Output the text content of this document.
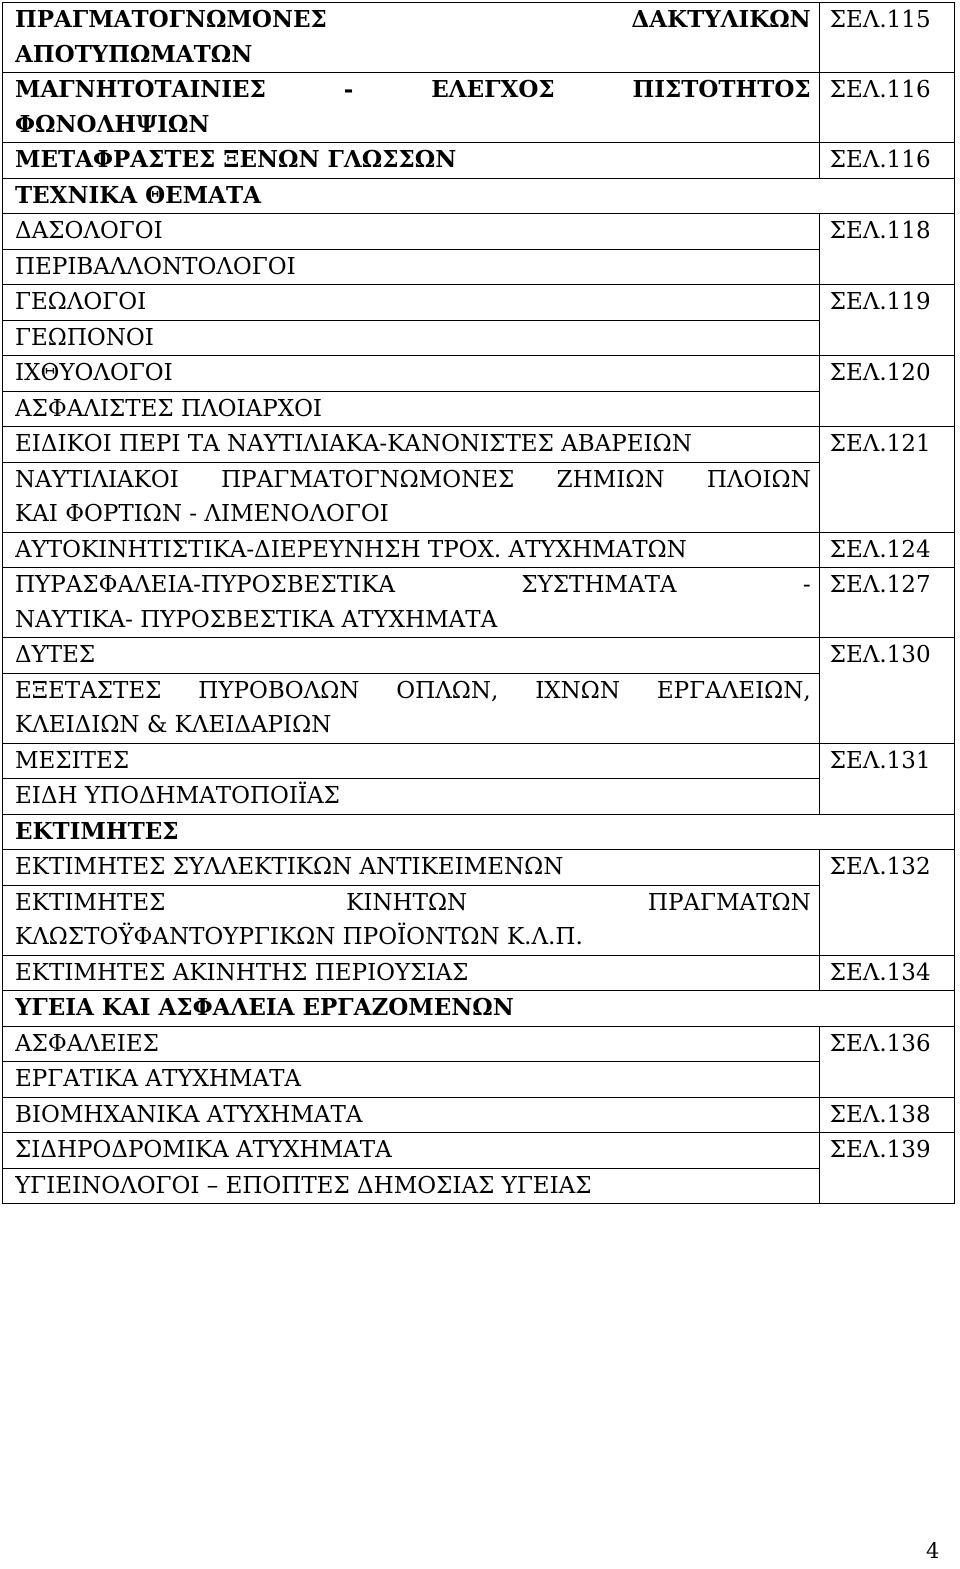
ΠΡΑΓΜΑΤΟΓΝΩΜΟΝΕΣ ΔΑΚΤΥΛΙΚΩΝ
ΑΠΟΤΥΠΩΜΑΤΩΝ	ΣΕΛ.115

ΜΑΓΝΗΤΟΤΑΙΝΙΕΣ - ΕΛΕΓΧΟΣ ΠΙΣΤΟΤΗΤΟΣ
ΦΩΝΟΛΗΨΙΩΝ	ΣΕΛ.116

ΜΕΤΑΦΡΑΣΤΕΣ ΞΕΝΩΝ ΓΛΩΣΣΩΝ	ΣΕΛ.116

ΤΕΧΝΙΚΑ ΘΕΜΑΤΑ	

ΔΑΣΟΛΟΓΟΙ	ΣΕΛ.118

ΠΕΡΙΒΑΛΛΟΝΤΟΛΟΓΟΙ	

ΓΕΩΛΟΓΟΙ	ΣΕΛ.119

ΓΕΩΠΟΝΟΙ	

ΙΧΘΥΟΛΟΓΟΙ	ΣΕΛ.120

ΑΣΦΑΛΙΣΤΕΣ ΠΛΟΙΑΡΧΟΙ	

ΕΙΔΙΚΟΙ ΠΕΡΙ ΤΑ ΝΑΥΤΙΛΙΑΚΑ-ΚΑΝΟΝΙΣΤΕΣ ΑΒΑΡΕΙΩΝ	ΣΕΛ.121

ΝΑΥΤΙΛΙΑΚΟΙ ΠΡΑΓΜΑΤΟΓΝΩΜΟΝΕΣ ΖΗΜΙΩΝ ΠΛΟΙΩΝ
ΚΑΙ ΦΟΡΤΙΩΝ - ΛΙΜΕΝΟΛΟΓΟΙ	

ΑΥΤΟΚΙΝΗΤΙΣΤΙΚΑ-ΔΙΕΡΕΥΝΗΣΗ ΤΡΟΧ. ΑΤΥΧΗΜΑΤΩΝ	ΣΕΛ.124

ΠΥΡΑΣΦΑΛΕΙΑ-ΠΥΡΟΣΒΕΣΤΙΚΑ ΣΥΣΤΗΜΑΤΑ -
ΝΑΥΤΙΚΑ- ΠΥΡΟΣΒΕΣΤΙΚΑ ΑΤΥΧΗΜΑΤΑ	ΣΕΛ.127

ΔΥΤΕΣ	ΣΕΛ.130

ΕΞΕΤΑΣΤΕΣ ΠΥΡΟΒΟΛΩΝ ΟΠΛΩΝ, ΙΧΝΩΝ ΕΡΓΑΛΕΙΩΝ,
ΚΛΕΙΔΙΩΝ & ΚΛΕΙΔΑΡΙΩΝ	

ΜΕΣΙΤΕΣ	ΣΕΛ.131

ΕΙΔΗ ΥΠΟΔΗΜΑΤΟΠΟΙΪΑΣ	

ΕΚΤΙΜΗΤΕΣ	

ΕΚΤΙΜΗΤΕΣ ΣΥΛΛΕΚΤΙΚΩΝ ΑΝΤΙΚΕΙΜΕΝΩΝ	ΣΕΛ.132

ΕΚΤΙΜΗΤΕΣ ΚΙΝΗΤΩΝ ΠΡΑΓΜΑΤΩΝ
ΚΛΩΣΤΟΫΦΑΝΤΟΥΡΓΙΚΩΝ ΠΡΟΪΟΝΤΩΝ Κ.Λ.Π.	

ΕΚΤΙΜΗΤΕΣ ΑΚΙΝΗΤΗΣ ΠΕΡΙΟΥΣΙΑΣ	ΣΕΛ.134

ΥΓΕΙΑ ΚΑΙ ΑΣΦΑΛΕΙΑ ΕΡΓΑΖΟΜΕΝΩΝ	

ΑΣΦΑΛΕΙΕΣ	ΣΕΛ.136

ΕΡΓΑΤΙΚΑ ΑΤΥΧΗΜΑΤΑ	

ΒΙΟΜΗΧΑΝΙΚΑ ΑΤΥΧΗΜΑΤΑ	ΣΕΛ.138

ΣΙΔΗΡΟΔΡΟΜΙΚΑ ΑΤΥΧΗΜΑΤΑ	ΣΕΛ.139

ΥΓΙΕΙΝΟΛΟΓΟΙ – ΕΠΟΠΤΕΣ ΔΗΜΟΣΙΑΣ ΥΓΕΙΑΣ	
4
